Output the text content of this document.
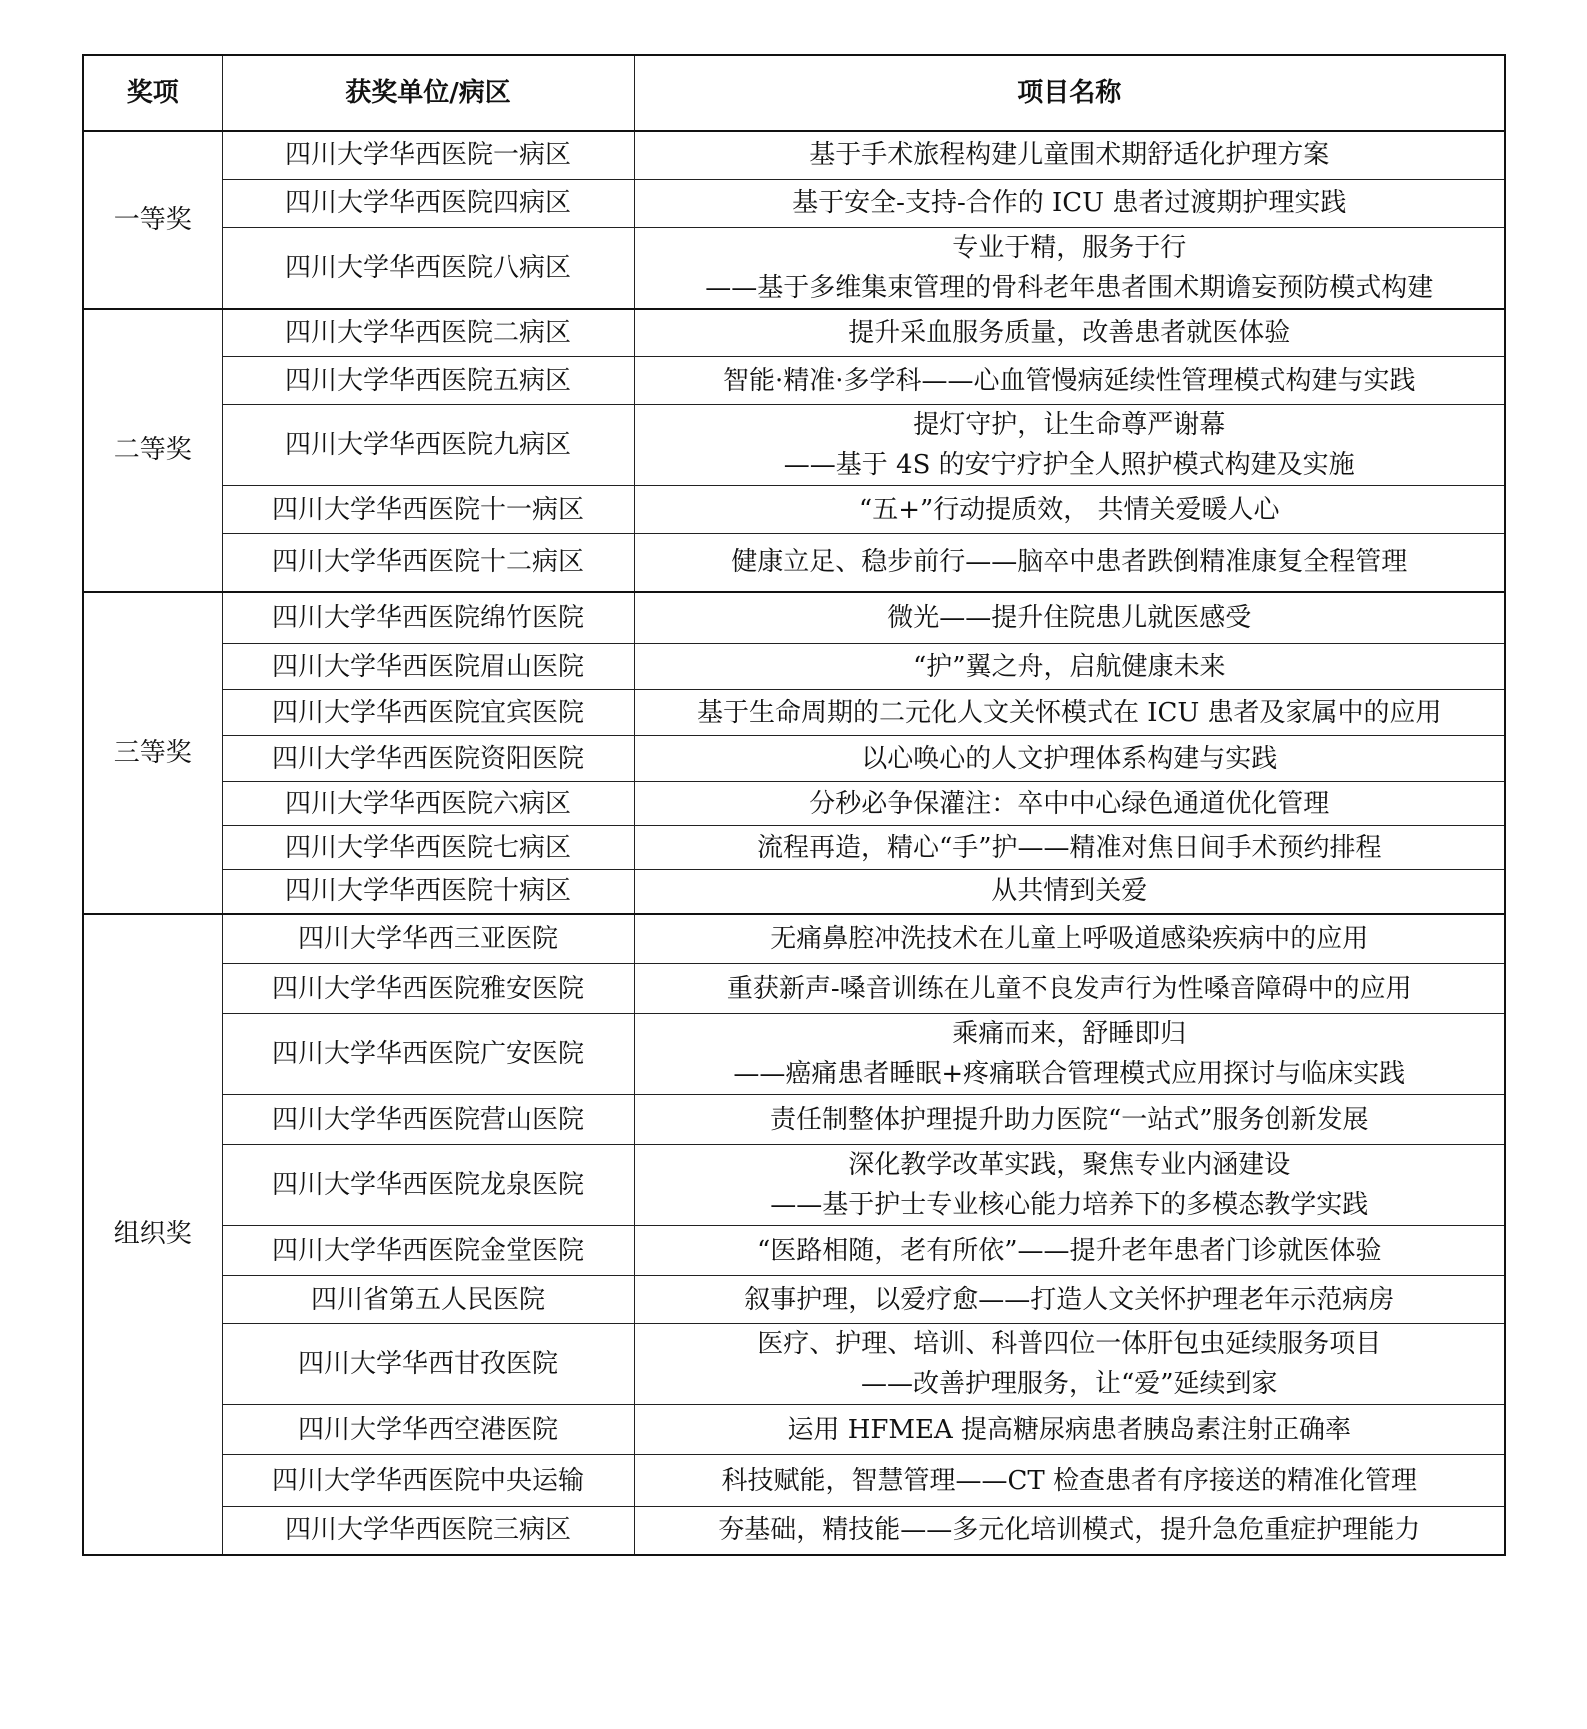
奖项	获奖单位/病区	项目名称
一等奖	四川大学华西医院一病区	基于手术旅程构建儿童围术期舒适化护理方案

	四川大学华西医院四病区	基于安全-支持-合作的 ICU 患者过渡期护理实践

	四川大学华西医院八病区	专业于精，服务于行
——基于多维集束管理的骨科老年患者围术期谵妄预防模式构建

二等奖	四川大学华西医院二病区	提升采血服务质量，改善患者就医体验

	四川大学华西医院五病区	智能·精准·多学科——心血管慢病延续性管理模式构建与实践

	四川大学华西医院九病区	提灯守护，让生命尊严谢幕
——基于 4S 的安宁疗护全人照护模式构建及实施

	四川大学华西医院十一病区	“五+”行动提质效， 共情关爱暖人心

	四川大学华西医院十二病区	健康立足、稳步前行——脑卒中患者跌倒精准康复全程管理

三等奖	四川大学华西医院绵竹医院	微光——提升住院患儿就医感受

	四川大学华西医院眉山医院	“护”翼之舟，启航健康未来

	四川大学华西医院宜宾医院	基于生命周期的二元化人文关怀模式在 ICU 患者及家属中的应用

	四川大学华西医院资阳医院	以心唤心的人文护理体系构建与实践

	四川大学华西医院六病区	分秒必争保灌注：卒中中心绿色通道优化管理

	四川大学华西医院七病区	流程再造，精心“手”护——精准对焦日间手术预约排程

	四川大学华西医院十病区	从共情到关爱

组织奖	四川大学华西三亚医院	无痛鼻腔冲洗技术在儿童上呼吸道感染疾病中的应用

	四川大学华西医院雅安医院	重获新声-嗓音训练在儿童不良发声行为性嗓音障碍中的应用

	四川大学华西医院广安医院	乘痛而来，舒睡即归
——癌痛患者睡眠+疼痛联合管理模式应用探讨与临床实践

	四川大学华西医院营山医院	责任制整体护理提升助力医院“一站式”服务创新发展

	四川大学华西医院龙泉医院	深化教学改革实践，聚焦专业内涵建设
——基于护士专业核心能力培养下的多模态教学实践

	四川大学华西医院金堂医院	“医路相随，老有所依”——提升老年患者门诊就医体验

	四川省第五人民医院	叙事护理，以爱疗愈——打造人文关怀护理老年示范病房

	四川大学华西甘孜医院	医疗、护理、培训、科普四位一体肝包虫延续服务项目
——改善护理服务，让“爱”延续到家

	四川大学华西空港医院	运用 HFMEA 提高糖尿病患者胰岛素注射正确率

	四川大学华西医院中央运输	科技赋能，智慧管理——CT 检查患者有序接送的精准化管理

	四川大学华西医院三病区	夯基础，精技能——多元化培训模式，提升急危重症护理能力
